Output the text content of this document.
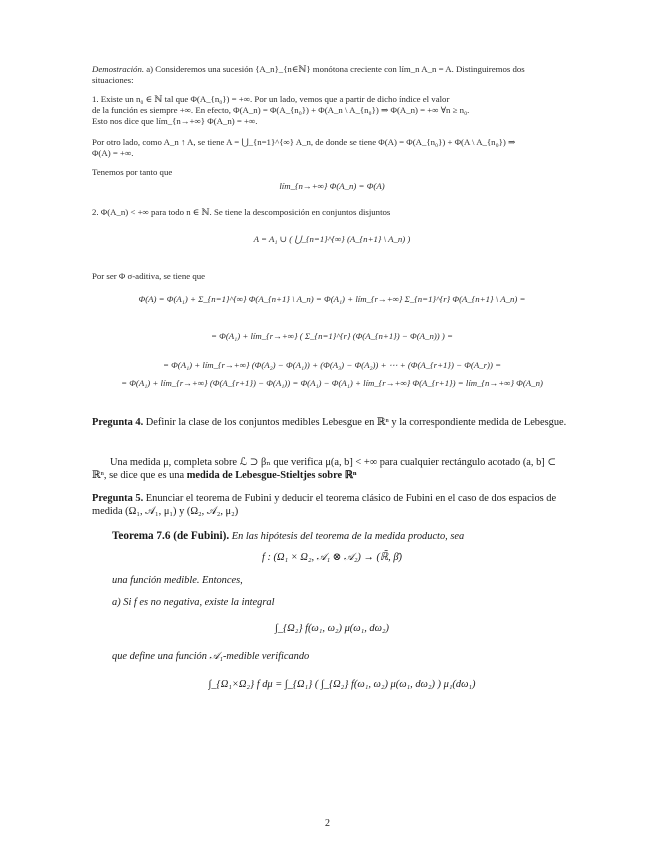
Demostración. a) Consideremos una sucesión {A_n}_{n∈ℕ} monótona creciente con lím_n A_n = A. Distinguiremos dos situaciones:

1. Existe un n₀ ∈ ℕ tal que Φ(A_{n₀}) = +∞. Por un lado, vemos que a partir de dicho índice el valor

de la función es siempre +∞. En efecto, Φ(A_n) = Φ(A_{n₀}) + Φ(A_n \ A_{n₀}) ⇒ Φ(A_n) = +∞ ∀n ≥ n₀.

Esto nos dice que lím_{n→+∞} Φ(A_n) = +∞.

Por otro lado, como A_n ↑ A, se tiene A = ⋃_{n=1}^{∞} A_n, de donde se tiene Φ(A) = Φ(A_{n₀}) + Φ(A \ A_{n₀}) ⇒

Φ(A) = +∞.

Tenemos por tanto que

lím_{n→+∞} Φ(A_n) = Φ(A)

2. Φ(A_n) < +∞ para todo n ∈ ℕ. Se tiene la descomposición en conjuntos disjuntos

A = A₁ ∪ ( ⋃_{n=1}^{∞} (A_{n+1} \ A_n) )

Por ser Φ σ-aditiva, se tiene que

Φ(A) = Φ(A₁) + Σ_{n=1}^{∞} Φ(A_{n+1} \ A_n) = Φ(A₁) + lím_{r→+∞} Σ_{n=1}^{r} Φ(A_{n+1} \ A_n) =
= Φ(A₁) + lím_{r→+∞} ( Σ_{n=1}^{r} (Φ(A_{n+1}) − Φ(A_n)) ) =
= Φ(A₁) + lím_{r→+∞} (Φ(A₂) − Φ(A₁)) + (Φ(A₃) − Φ(A₂)) + ⋯ + (Φ(A_{r+1}) − Φ(A_r)) =
= Φ(A₁) + lím_{r→+∞} (Φ(A_{r+1}) − Φ(A₁)) = Φ(A₁) − Φ(A₁) + lím_{r→+∞} Φ(A_{r+1}) = lím_{n→+∞} Φ(A_n)

Pregunta 4. Definir la clase de los conjuntos medibles Lebesgue en ℝⁿ y la correspondiente medida de Lebesgue.

Una medida μ, completa sobre ℒ ⊃ βₙ que verifica μ(a, b] < +∞ para cualquier rectángulo acotado (a, b] ⊂ ℝⁿ, se dice que es una medida de Lebesgue-Stieltjes sobre ℝⁿ

Pregunta 5. Enunciar el teorema de Fubini y deducir el teorema clásico de Fubini en el caso de dos espacios de medida (Ω₁, 𝒜₁, μ₁) y (Ω₂, 𝒜₂, μ₂)

Teorema 7.6 (de Fubini). En las hipótesis del teorema de la medida producto, sea

f : (Ω₁ × Ω₂, 𝒜₁ ⊗ 𝒜₂) → (ℝ̄, β̄)
una función medible. Entonces,
a) Si f es no negativa, existe la integral
∫_{Ω₂} f(ω₁, ω₂) μ(ω₁, dω₂)
que define una función 𝒜₁-medible verificando
∫_{Ω₁×Ω₂} f dμ = ∫_{Ω₁} ( ∫_{Ω₂} f(ω₁, ω₂) μ(ω₁, dω₂) ) μ₁(dω₁)
2
